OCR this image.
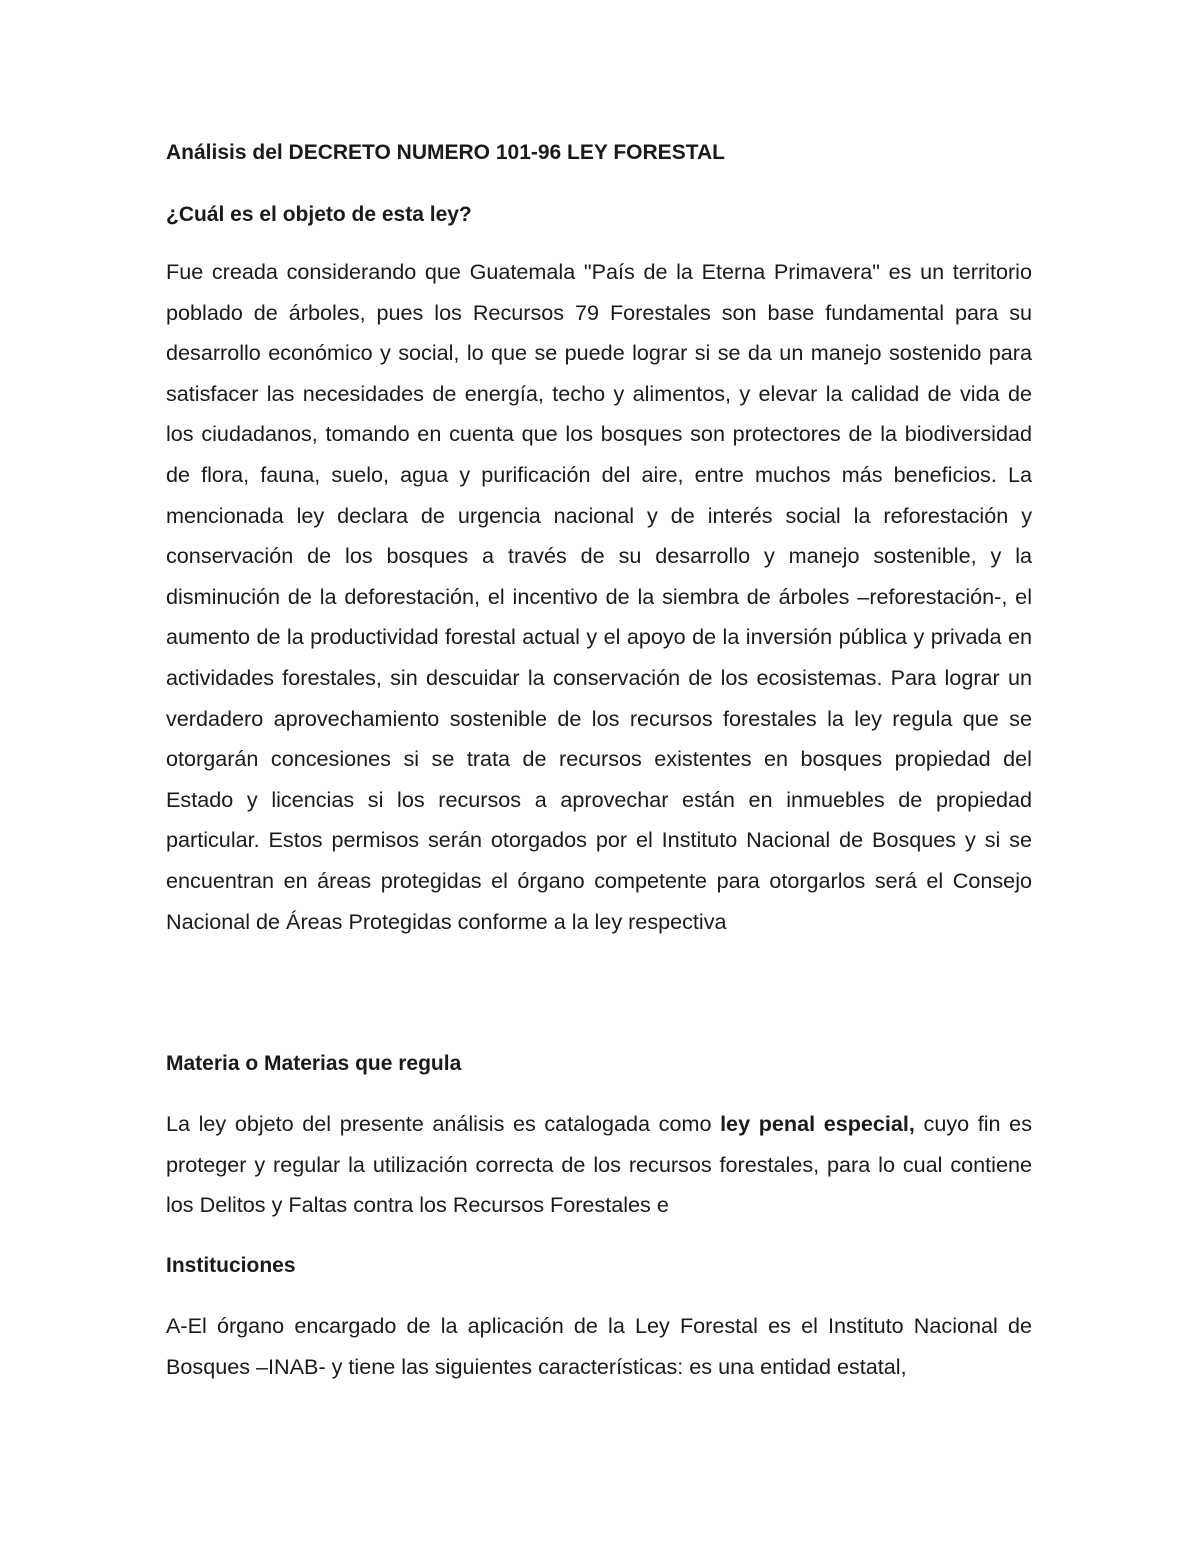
Análisis del DECRETO NUMERO 101-96 LEY FORESTAL
¿Cuál es el objeto de esta ley?

Fue creada considerando que Guatemala "País de la Eterna Primavera" es un territorio poblado de árboles, pues los Recursos 79 Forestales son base fundamental para su desarrollo económico y social, lo que se puede lograr si se da un manejo sostenido para satisfacer las necesidades de energía, techo y alimentos, y elevar la calidad de vida de los ciudadanos, tomando en cuenta que los bosques son protectores de la biodiversidad de flora, fauna, suelo, agua y purificación del aire, entre muchos más beneficios. La mencionada ley declara de urgencia nacional y de interés social la reforestación y conservación de los bosques a través de su desarrollo y manejo sostenible, y la disminución de la deforestación, el incentivo de la siembra de árboles –reforestación-, el aumento de la productividad forestal actual y el apoyo de la inversión pública y privada en actividades forestales, sin descuidar la conservación de los ecosistemas. Para lograr un verdadero aprovechamiento sostenible de los recursos forestales la ley regula que se otorgarán concesiones si se trata de recursos existentes en bosques propiedad del Estado y licencias si los recursos a aprovechar están en inmuebles de propiedad particular. Estos permisos serán otorgados por el Instituto Nacional de Bosques y si se encuentran en áreas protegidas el órgano competente para otorgarlos será el Consejo Nacional de Áreas Protegidas conforme a la ley respectiva

Materia o Materias que regula

La ley objeto del presente análisis es catalogada como ley penal especial, cuyo fin es proteger y regular la utilización correcta de los recursos forestales, para lo cual contiene los Delitos y Faltas contra los Recursos Forestales e

Instituciones

A-El órgano encargado de la aplicación de la Ley Forestal es el Instituto Nacional de Bosques –INAB- y tiene las siguientes características: es una entidad estatal,
